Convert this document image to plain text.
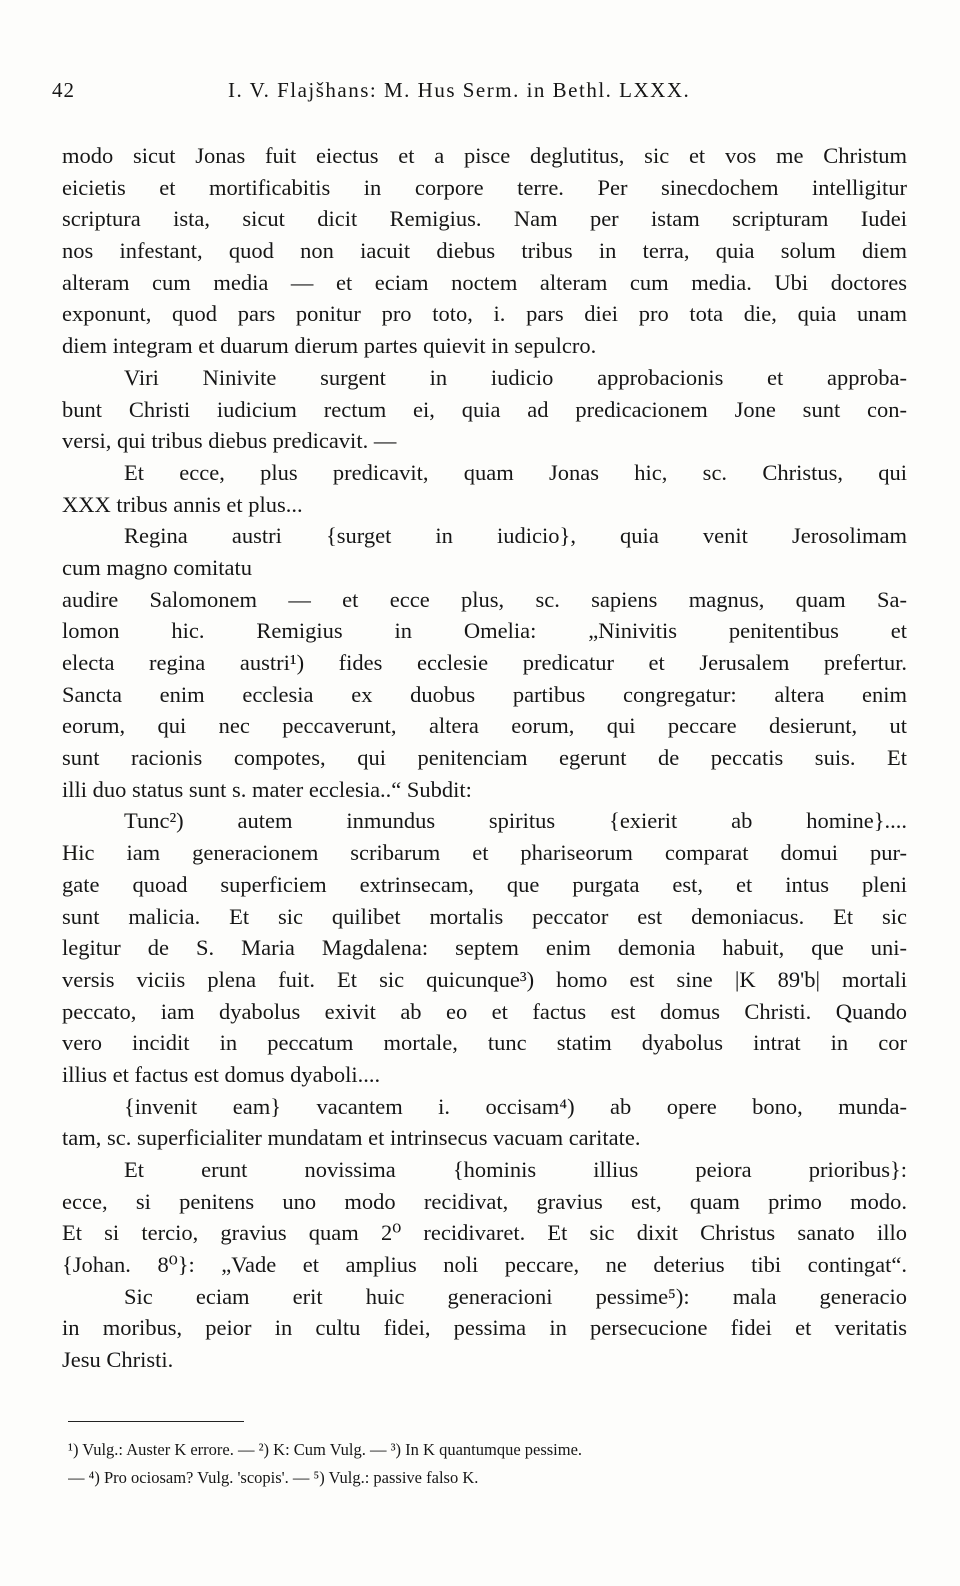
42	I. V. Flajšhans: M. Hus Serm. in Bethl. LXXX.
modo sicut Jonas fuit eiectus et a pisce deglutitus, sic et vos me Christum
eicietis et mortificabitis in corpore terre. Per sinecdochem intelligitur
scriptura ista, sicut dicit Remigius. Nam per istam scripturam Iudei
nos infestant, quod non iacuit diebus tribus in terra, quia solum diem
alteram cum media — et eciam noctem alteram cum media. Ubi doctores
exponunt, quod pars ponitur pro toto, i. pars diei pro tota die, quia unam
diem integram et duarum dierum partes quievit in sepulcro.
Viri Ninivite surgent in iudicio approbacionis et approba-
bunt Christi iudicium rectum ei, quia ad predicacionem Jone sunt con-
versi, qui tribus diebus predicavit. —
Et ecce, plus predicavit, quam Jonas hic, sc. Christus, qui
XXX tribus annis et plus...
Regina austri {surget in iudicio}, quia venit Jerosolimam
cum magno comitatu
audire Salomonem — et ecce plus, sc. sapiens magnus, quam Sa-
lomon hic. Remigius in Omelia: „Ninivitis penitentibus et
electa regina austri¹) fides ecclesie predicatur et Jerusalem prefertur.
Sancta enim ecclesia ex duobus partibus congregatur: altera enim
eorum, qui nec peccaverunt, altera eorum, qui peccare desierunt, ut
sunt racionis compotes, qui penitenciam egerunt de peccatis suis. Et
illi duo status sunt s. mater ecclesia..“ Subdit:
Tunc²) autem inmundus spiritus {exierit ab homine}....
Hic iam generacionem scribarum et phariseorum comparat domui pur-
gate quoad superficiem extrinsecam, que purgata est, et intus pleni
sunt malicia. Et sic quilibet mortalis peccator est demoniacus. Et sic
legitur de S. Maria Magdalena: septem enim demonia habuit, que uni-
versis viciis plena fuit. Et sic quicunque³) homo est sine |K 89'b| mortali
peccato, iam dyabolus exivit ab eo et factus est domus Christi. Quando
vero incidit in peccatum mortale, tunc statim dyabolus intrat in cor
illius et factus est domus dyaboli....
{invenit eam} vacantem i. occisam⁴) ab opere bono, munda-
tam, sc. superficialiter mundatam et intrinsecus vacuam caritate.
Et erunt novissima {hominis illius peiora prioribus}:
ecce, si penitens uno modo recidivat, gravius est, quam primo modo.
Et si tercio, gravius quam 2⁰ recidivaret. Et sic dixit Christus sanato illo
{Johan. 8⁰}: „Vade et amplius noli peccare, ne deterius tibi contingat“.
Sic eciam erit huic generacioni pessime⁵): mala generacio
in moribus, peior in cultu fidei, pessima in persecucione fidei et veritatis
Jesu Christi.
¹) Vulg.: Auster K errore. — ²) K: Cum Vulg. — ³) In K quantumque pessime.
— ⁴) Pro ociosam? Vulg. 'scopis'. — ⁵) Vulg.: passive falso K.
